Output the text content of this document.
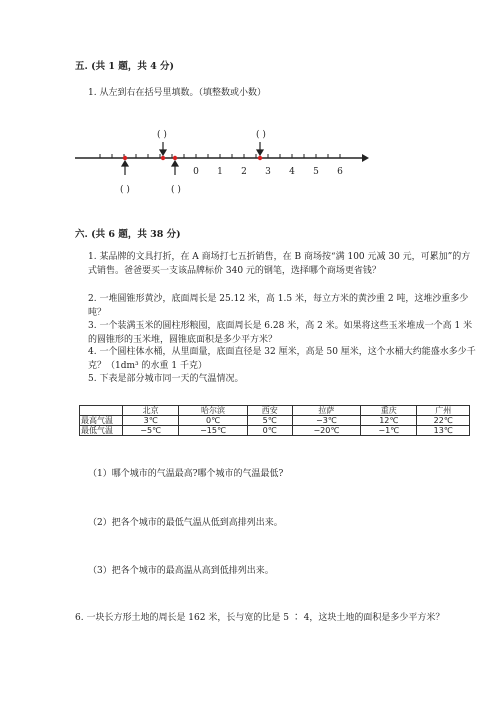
五. (共 1 题，共 4 分)
1. 从左到右在括号里填数。（填整数或小数）
0 1 2 3 4 5 6
( )	( )
( )	( )
六. (共 6 题，共 38 分)
1. 某品牌的文具打折，在 A 商场打七五折销售，在 B 商场按“满 100 元减 30 元，可累加”的方式销售。爸爸要买一支该品牌标价 340 元的钢笔，选择哪个商场更省钱？
2. 一堆圆锥形黄沙，底面周长是 25.12 米，高 1.5 米，每立方米的黄沙重 2 吨，这堆沙重多少吨？
3. 一个装满玉米的圆柱形粮囤，底面周长是 6.28 米，高 2 米。如果将这些玉米堆成一个高 1 米的圆锥形的玉米堆，圆锥底面积是多少平方米？
4. 一个圆柱体水桶，从里面量，底面直径是 32 厘米，高是 50 厘米，这个水桶大约能盛水多少千克？（1dm³ 的水重 1 千克）
5. 下表是部分城市同一天的气温情况。
	北京	哈尔滨	西安	拉萨	重庆	广州
最高气温	3℃	0℃	5℃	−3℃	12℃	22℃
最低气温	−5℃	−15℃	0℃	−20℃	−1℃	13℃
（1）哪个城市的气温最高?哪个城市的气温最低?
（2）把各个城市的最低气温从低到高排列出来。
（3）把各个城市的最高温从高到低排列出来。
6. 一块长方形土地的周长是 162 米，长与宽的比是 5 ∶ 4，这块土地的面积是多少平方米？
